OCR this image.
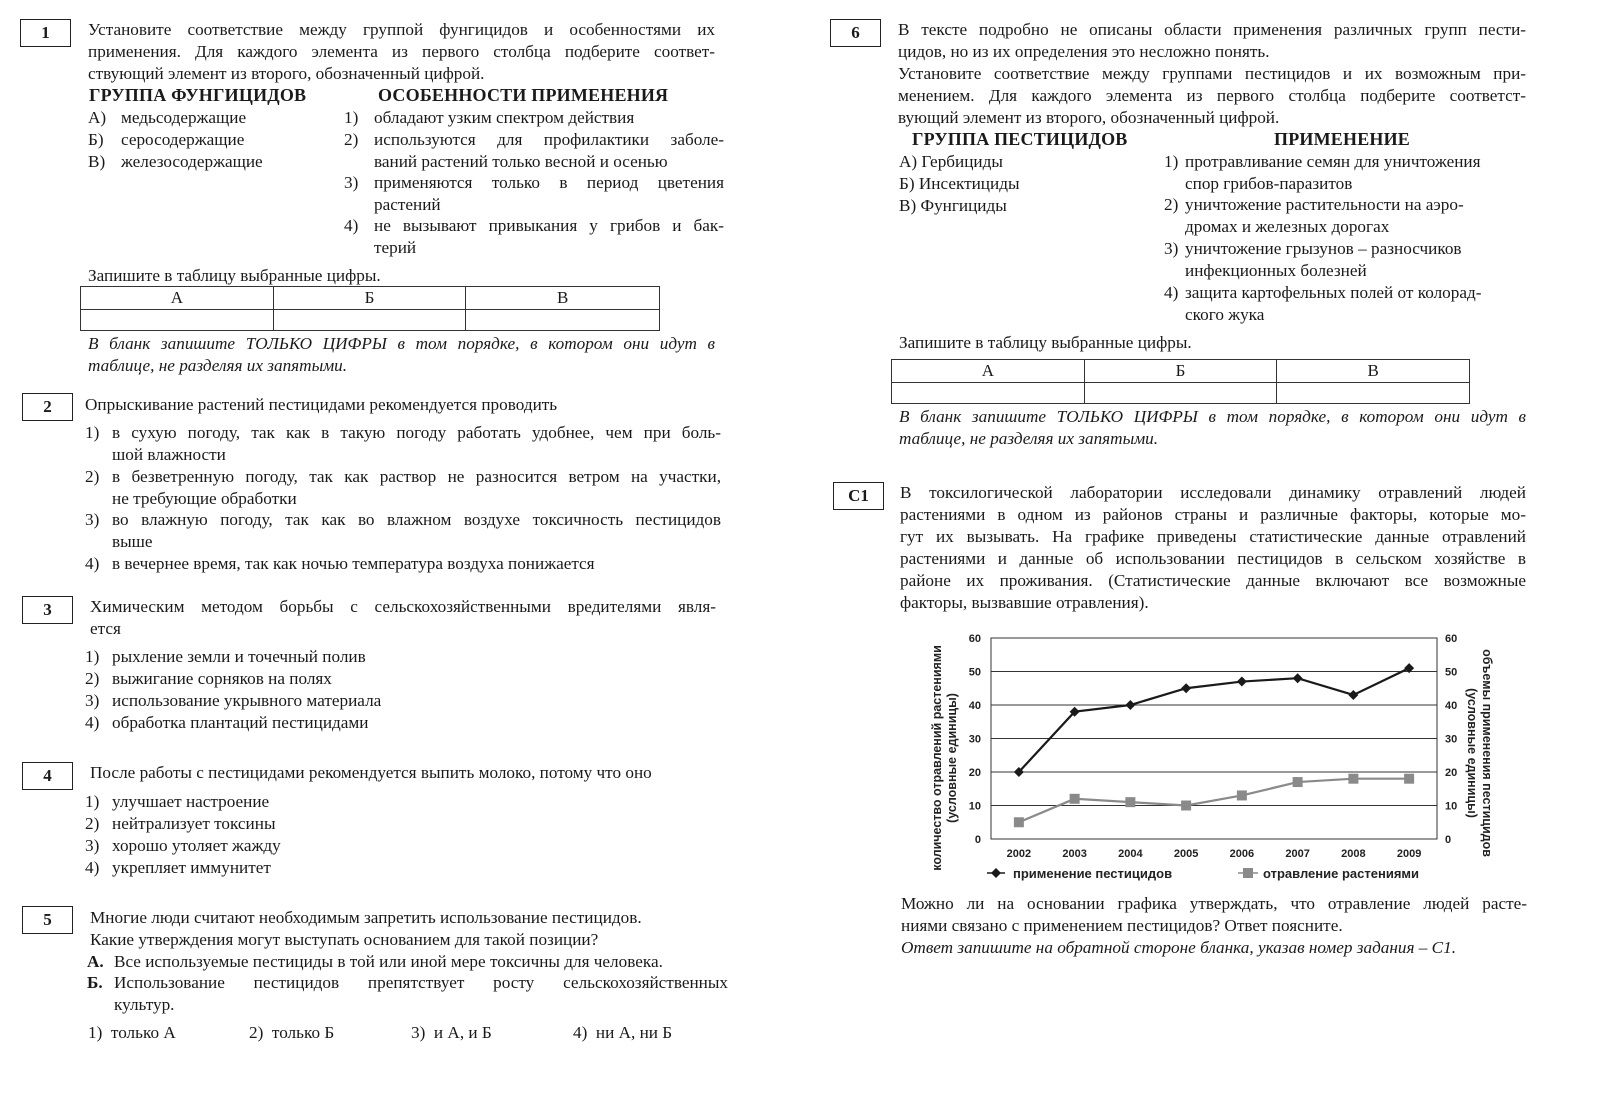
1	Установите соответствие между группой фунгицидов и особенностями их
применения. Для каждого элемента из первого столбца подберите соответ-
ствующий элемент из второго, обозначенный цифрой.
ГРУППА ФУНГИЦИДОВ	ОСОБЕННОСТИ ПРИМЕНЕНИЯ
А) медьсодержащие
Б) серосодержащие
В) железосодержащие
1) обладают узким спектром действия
2) используются для профилактики заболе-
ваний растений только весной и осенью
3) применяются только в период цветения
растений
4) не вызывают привыкания у грибов и бак-
терий
Запишите в таблицу выбранные цифры.
А	Б	В

В бланк запишите ТОЛЬКО ЦИФРЫ в том порядке, в котором они идут в
таблице, не разделяя их запятыми.
2	Опрыскивание растений пестицидами рекомендуется проводить
1) в сухую погоду, так как в такую погоду работать удобнее, чем при боль-
шой влажности
2) в безветренную погоду, так как раствор не разносится ветром на участки,
не требующие обработки
3) во влажную погоду, так как во влажном воздухе токсичность пестицидов
выше
4) в вечернее время, так как ночью температура воздуха понижается
3	Химическим методом борьбы с сельскохозяйственными вредителями явля-
ется
1) рыхление земли и точечный полив
2) выжигание сорняков на полях
3) использование укрывного материала
4) обработка плантаций пестицидами
4	После работы с пестицидами рекомендуется выпить молоко, потому что оно
1) улучшает настроение
2) нейтрализует токсины
3) хорошо утоляет жажду
4) укрепляет иммунитет
5	Многие люди считают необходимым запретить использование пестицидов.
Какие утверждения могут выступать основанием для такой позиции?
А. Все используемые пестициды в той или иной мере токсичны для человека.
Б. Использование пестицидов препятствует росту сельскохозяйственных
культур.
1)  только А	2)  только Б	3)  и А, и Б	4)  ни А, ни Б
6	В тексте подробно не описаны области применения различных групп пести-
цидов, но из их определения это несложно понять.
Установите соответствие между группами пестицидов и их возможным при-
менением. Для каждого элемента из первого столбца подберите соответст-
вующий элемент из второго, обозначенный цифрой.
ГРУППА ПЕСТИЦИДОВ	ПРИМЕНЕНИЕ
А) Гербициды
Б) Инсектициды
В) Фунгициды
1) протравливание семян для уничтожения
спор грибов-паразитов
2) уничтожение растительности на аэро-
дромах и железных дорогах
3) уничтожение грызунов – разносчиков
инфекционных болезней
4) защита картофельных полей от колорад-
ского жука
Запишите в таблицу выбранные цифры.
А	Б	В

В бланк запишите ТОЛЬКО ЦИФРЫ в том порядке, в котором они идут в
таблице, не разделяя их запятыми.
С1	В токсилогической лаборатории исследовали динамику отравлений людей
растениями в одном из районов страны и различные факторы, которые мо-
гут их вызывать. На графике приведены статистические данные отравлений
растениями и данные об использовании пестицидов в сельском хозяйстве в
районе их проживания. (Статистические данные включают все возможные
факторы, вызвавшие отравления).
0
10
20
30
40
50
60
0
10
20
30
40
50
60
2002	2003	2004	2005	2006	2007	2008	2009
количество отравлений растениями (условные единицы)	объемы применения пестицидов
(условные единицы)
применение пестицидов	отравление растениями
Можно ли на основании графика утверждать, что отравление людей расте-
ниями связано с применением пестицидов? Ответ поясните.
Ответ запишите на обратной стороне бланка, указав номер задания – С1.
